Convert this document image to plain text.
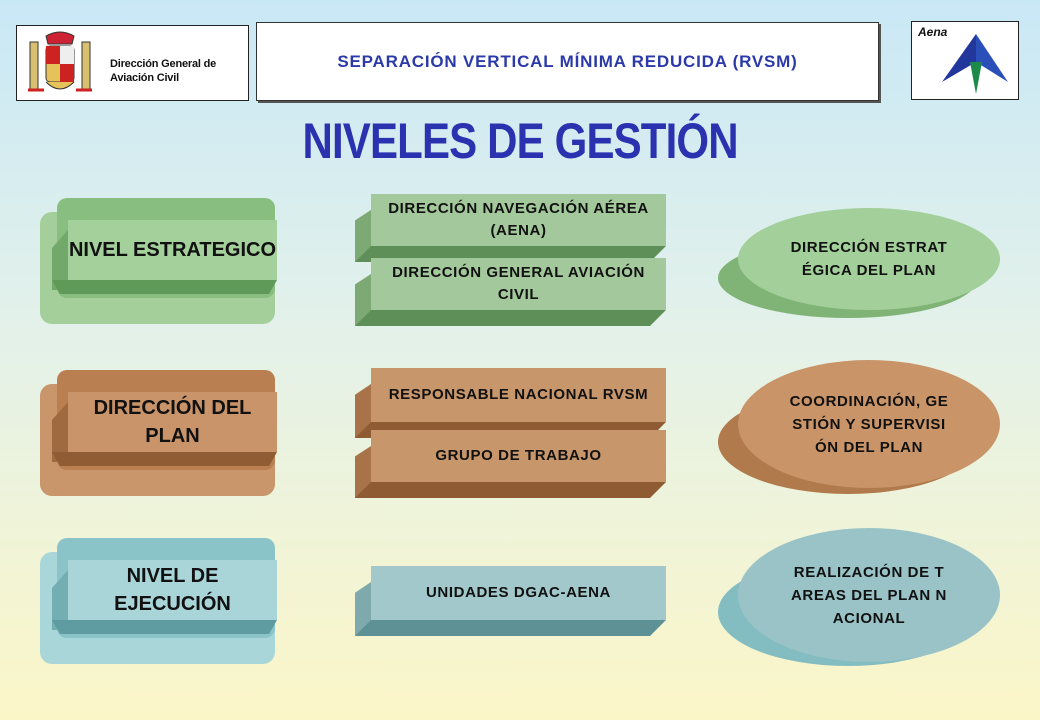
Dirección General de
Aviación Civil
SEPARACIÓN VERTICAL MÍNIMA REDUCIDA (RVSM)
Aena
NIVELES DE GESTIÓN
NIVEL ESTRATEGICO
DIRECCIÓN NAVEGACIÓN AÉREA (AENA)
DIRECCIÓN GENERAL AVIACIÓN CIVIL
DIRECCIÓN ESTRATÉGICA DEL PLAN
DIRECCIÓN DEL PLAN
RESPONSABLE NACIONAL RVSM
GRUPO DE TRABAJO
COORDINACIÓN, GESTIÓN Y SUPERVISIÓN DEL PLAN
NIVEL DE EJECUCIÓN
UNIDADES DGAC-AENA
REALIZACIÓN DE TAREAS DEL PLAN NACIONAL
